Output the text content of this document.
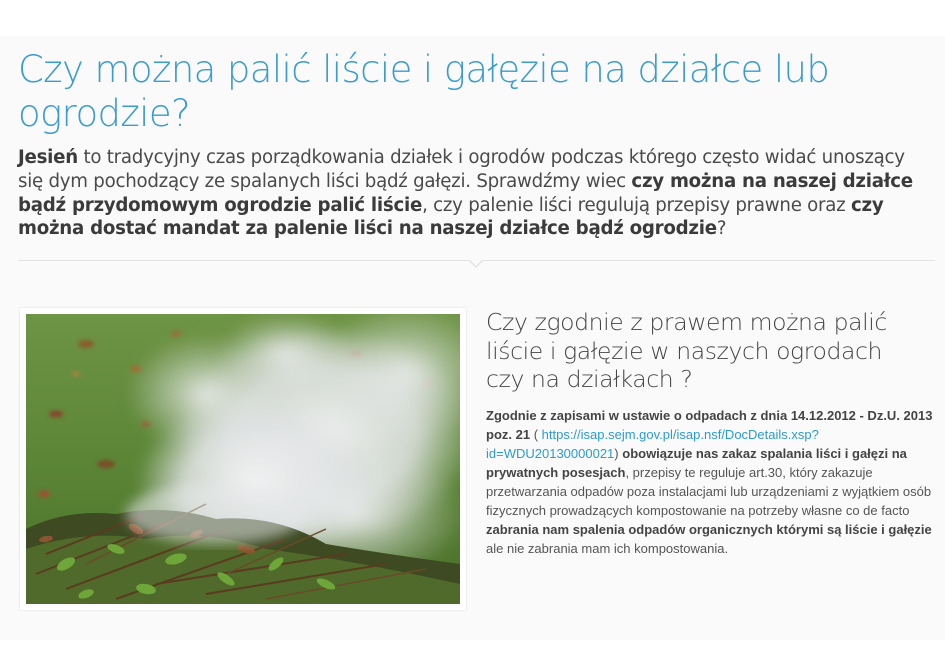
Czy można palić liście i gałęzie na działce lub ogrodzie?

Jesień to tradycyjny czas porządkowania działek i ogrodów podczas którego często widać unoszący się dym pochodzący ze spalanych liści bądź gałęzi. Sprawdźmy wiec czy można na naszej działce bądź przydomowym ogrodzie palić liście, czy palenie liści regulują przepisy prawne oraz czy można dostać mandat za palenie liści na naszej działce bądź ogrodzie?

Czy zgodnie z prawem można palić liście i gałęzie w naszych ogrodach czy na działkach ?

Zgodnie z zapisami w ustawie o odpadach z dnia 14.12.2012 - Dz.U. 2013 poz. 21 ( https://isap.sejm.gov.pl/isap.nsf/DocDetails.xsp?id=WDU20130000021) obowiązuje nas zakaz spalania liści i gałęzi na prywatnych posesjach, przepisy te reguluje art.30, który zakazuje przetwarzania odpadów poza instalacjami lub urządzeniami z wyjątkiem osób fizycznych prowadzących kompostowanie na potrzeby własne co de facto zabrania nam spalenia odpadów organicznych którymi są liście i gałęzie ale nie zabrania mam ich kompostowania.
